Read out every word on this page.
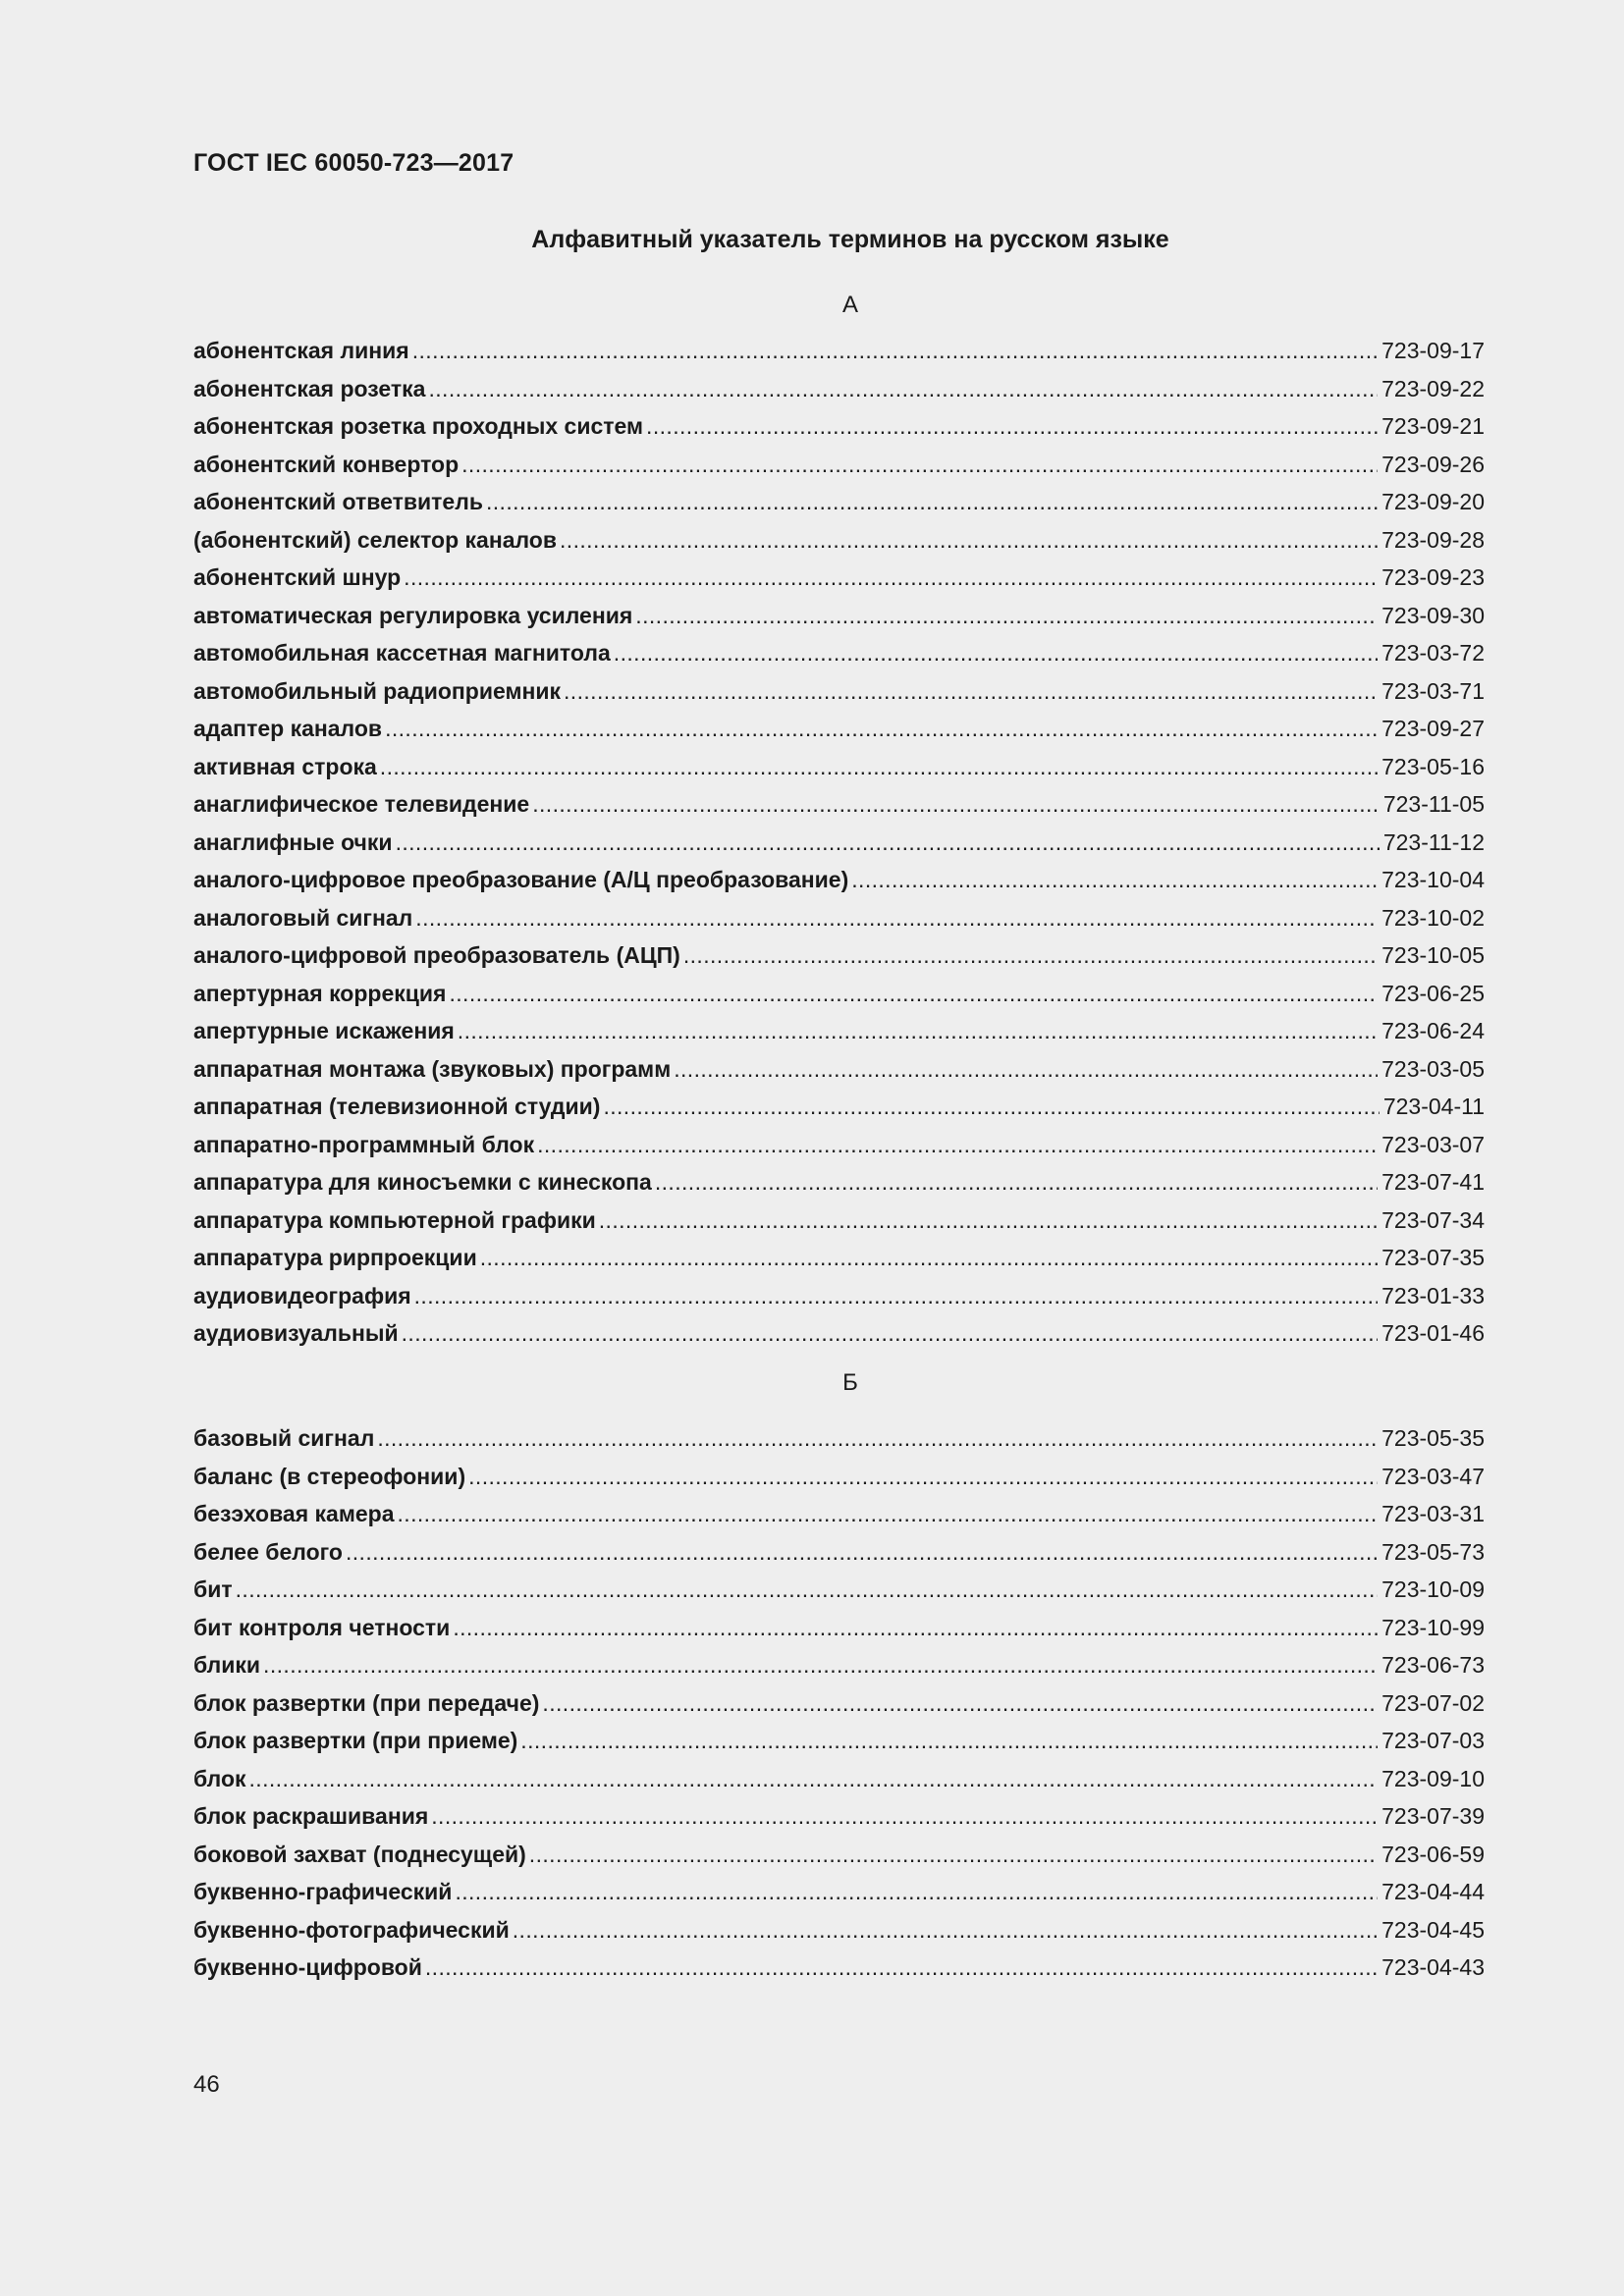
ГОСТ IEC 60050-723—2017
Алфавитный указатель терминов на русском языке
А
абонентская линия .....	723-09-17
абонентская розетка .....	723-09-22
абонентская розетка проходных систем .....	723-09-21
абонентский конвертор .....	723-09-26
абонентский ответвитель .....	723-09-20
(абонентский) селектор каналов .....	723-09-28
абонентский шнур .....	723-09-23
автоматическая регулировка усиления .....	723-09-30
автомобильная кассетная магнитола .....	723-03-72
автомобильный радиоприемник .....	723-03-71
адаптер каналов .....	723-09-27
активная строка .....	723-05-16
анаглифическое телевидение .....	723-11-05
анаглифные очки .....	723-11-12
аналого-цифровое преобразование (А/Ц преобразование) .....	723-10-04
аналоговый сигнал .....	723-10-02
аналого-цифровой преобразователь (АЦП) .....	723-10-05
апертурная коррекция .....	723-06-25
апертурные искажения .....	723-06-24
аппаратная монтажа (звуковых) программ .....	723-03-05
аппаратная (телевизионной студии) .....	723-04-11
аппаратно-программный блок .....	723-03-07
аппаратура для киносъемки с кинескопа .....	723-07-41
аппаратура компьютерной графики .....	723-07-34
аппаратура рирпроекции .....	723-07-35
аудиовидеография .....	723-01-33
аудиовизуальный .....	723-01-46
Б
базовый сигнал .....	723-05-35
баланс (в стереофонии) .....	723-03-47
безэховая камера .....	723-03-31
белее белого .....	723-05-73
бит .....	723-10-09
бит контроля четности .....	723-10-99
блики .....	723-06-73
блок развертки (при передаче) .....	723-07-02
блок развертки (при приеме) .....	723-07-03
блок .....	723-09-10
блок раскрашивания .....	723-07-39
боковой захват (поднесущей) .....	723-06-59
буквенно-графический .....	723-04-44
буквенно-фотографический .....	723-04-45
буквенно-цифровой .....	723-04-43
46
